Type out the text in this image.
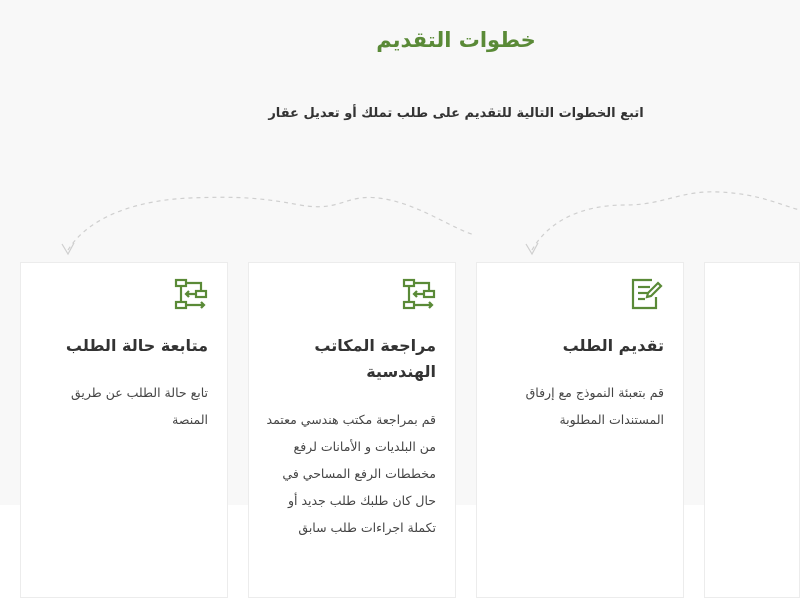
خطوات التقديم

اتبع الخطوات التالية للتقديم على طلب تملك أو تعديل عقار

متابعة حالة الطلب
تابع حالة الطلب عن طريق المنصة
مراجعة المكاتب الهندسية
قم بمراجعة مكتب هندسي معتمد من البلديات و الأمانات لرفع مخططات الرفع المساحي في حال كان طلبك طلب جديد أو تكملة اجراءات طلب سابق
تقديم الطلب
قم بتعبئة النموذج مع إرفاق المستندات المطلوبة
